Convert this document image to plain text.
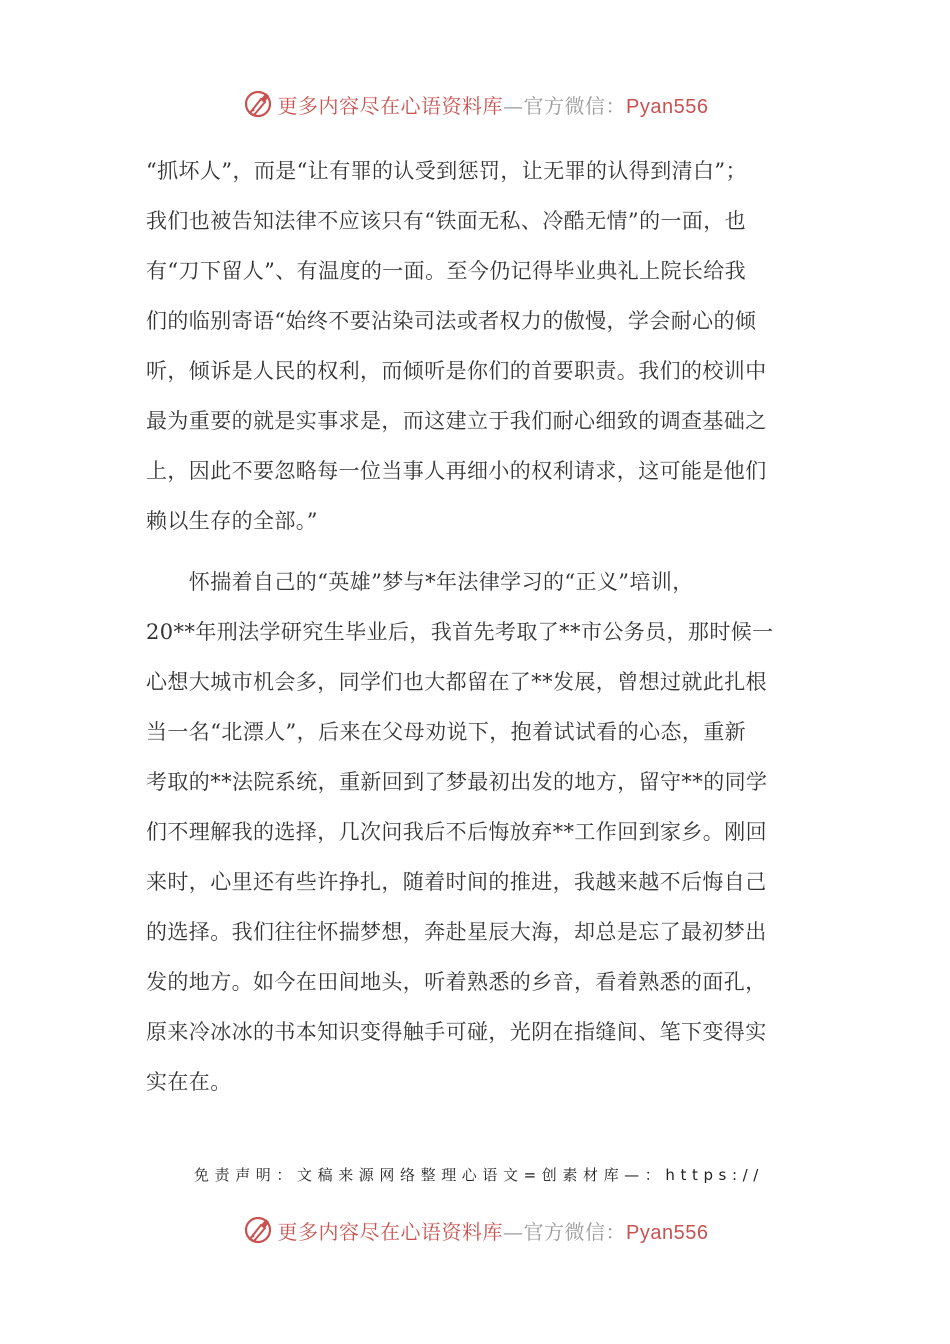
更多内容尽在心语资料库—官方微信：Pyan556
“抓坏人”，而是“让有罪的认受到惩罚，让无罪的认得到清白”；
我们也被告知法律不应该只有“铁面无私、冷酷无情”的一面，也
有“刀下留人”、有温度的一面。至今仍记得毕业典礼上院长给我
们的临别寄语“始终不要沾染司法或者权力的傲慢，学会耐心的倾
听，倾诉是人民的权利，而倾听是你们的首要职责。我们的校训中
最为重要的就是实事求是，而这建立于我们耐心细致的调查基础之
上，因此不要忽略每一位当事人再细小的权利请求，这可能是他们
赖以生存的全部。”
　　怀揣着自己的“英雄”梦与*年法律学习的“正义”培训，
20**年刑法学研究生毕业后，我首先考取了**市公务员，那时候一
心想大城市机会多，同学们也大都留在了**发展，曾想过就此扎根
当一名“北漂人”，后来在父母劝说下，抱着试试看的心态，重新
考取的**法院系统，重新回到了梦最初出发的地方，留守**的同学
们不理解我的选择，几次问我后不后悔放弃**工作回到家乡。刚回
来时，心里还有些许挣扎，随着时间的推进，我越来越不后悔自己
的选择。我们往往怀揣梦想，奔赴星辰大海，却总是忘了最初梦出
发的地方。如今在田间地头，听着熟悉的乡音，看着熟悉的面孔，
原来冷冰冰的书本知识变得触手可碰，光阴在指缝间、笔下变得实
实在在。
免责声明：文稿来源网络整理心语文=创素材库—：https://
更多内容尽在心语资料库—官方微信：Pyan556
